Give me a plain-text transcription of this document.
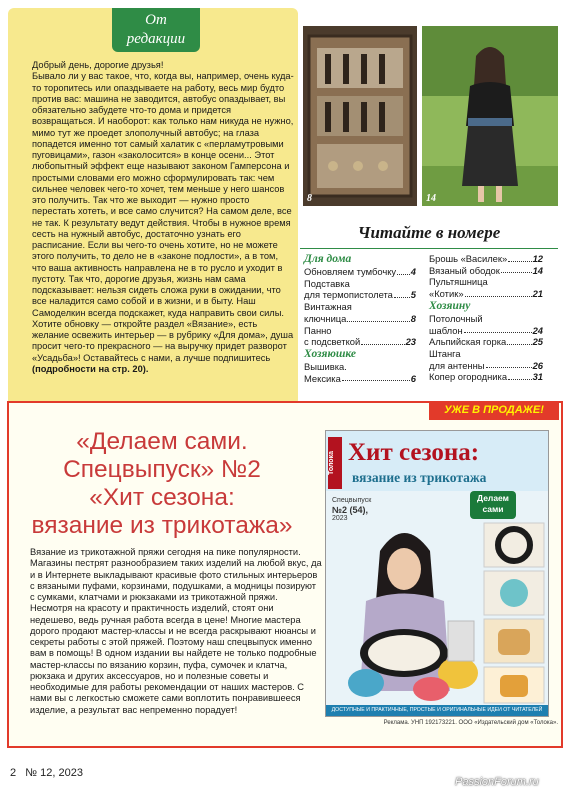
От
редакции

Добрый день, дорогие друзья!

Бывало ли у вас такое, что, когда вы, например, очень куда-то торопитесь или опаздываете на работу, весь мир будто против вас: машина не заводится, автобус опаздывает, вы обязательно забудете что-то дома и придется возвращаться. И наоборот: как только нам никуда не нужно, мимо тут же проедет злополучный автобус; на глаза попадется именно тот самый халатик с «перламутровыми пуговицами», газон «заколосится» в конце осени... Этот любопытный эффект еще называют законом Гамперсона и простыми словами его можно сформулировать так: чем сильнее человек чего-то хочет, тем меньше у него шансов это получить. Так что же выходит — нужно просто перестать хотеть, и все само случится? На самом деле, все не так. К результату ведут действия. Чтобы в нужное время сесть на нужный автобус, достаточно узнать его расписание. Если вы чего-то очень хотите, но не можете этого получить, то дело не в «законе подлости», а в том, что ваша активность направлена не в то русло и уходит в пустоту. Так что, дорогие друзья, жизнь нам сама подсказывает: нельзя сидеть сложа руки в ожидании, что все наладится само собой и в жизни, и в быту. Наш Самоделкин всегда подскажет, куда направить свои силы. Хотите обновку — откройте раздел «Вязание», есть желание освежить интерьер — в рубрику «Для дома», душа просит чего-то прекрасного — на выручку придет разворот «Усадьба»! Оставайтесь с нами, а лучше подпишитесь (подробности на стр. 20).

8	14
Читайте в номере
Для дома
Обновляем тумбочку 4
Подставка
для термопистолета 5
Винтажная
ключница	8
Панно
с подсветкой	23
Хозяюшке
Вышивка.
Мексика	6
Брошь «Василек»	12
Вязаный ободок	14
Пультяшница
«Котик»	21
Хозяину
Потолочный
шаблон	24
Альпийская горка	25
Штанга
для антенны	26
Копер огородника	31
УЖЕ В ПРОДАЖЕ!
«Делаем сами.
Спецвыпуск» №2
«Хит сезона:
вязание из трикотажа»
Вязание из трикотажной пряжи сегодня на пике популярности. Магазины пестрят разнообразием таких изделий на любой вкус, да и в Интернете выкладывают красивые фото стильных интерьеров с вязаными пуфами, корзинами, подушками, а модницы позируют с сумками, клатчами и рюкзаками из трикотажной пряжи. Несмотря на красоту и практичность изделий, стоят они недешево, ведь ручная работа всегда в цене! Многие мастера дорого продают мастер-классы и не всегда раскрывают нюансы и секреты работы с этой пряжей. Поэтому наш спецвыпуск именно вам в помощь! В одном издании вы найдете не только подробные мастер-классы по вязанию корзин, пуфа, сумочек и клатча, рюкзака и других аксессуаров, но и полезные советы и необходимые для работы рекомендации от наших мастеров. С нами вы с легкостью сможете сами воплотить понравившееся изделие, а результат вас непременно порадует!
Толока Хит сезона:
вязание из трикотажа
Спецвыпуск
№2 (54),
2023
Делаем
сами
ДОСТУПНЫЕ И ПРАКТИЧНЫЕ, ПРОСТЫЕ И ОРИГИНАЛЬНЫЕ ИДЕИ ОТ ЧИТАТЕЛЕЙ
Реклама. УНП 192173221. ООО «Издательский дом «Толока».
2 № 12, 2023
PassionForum.ru
